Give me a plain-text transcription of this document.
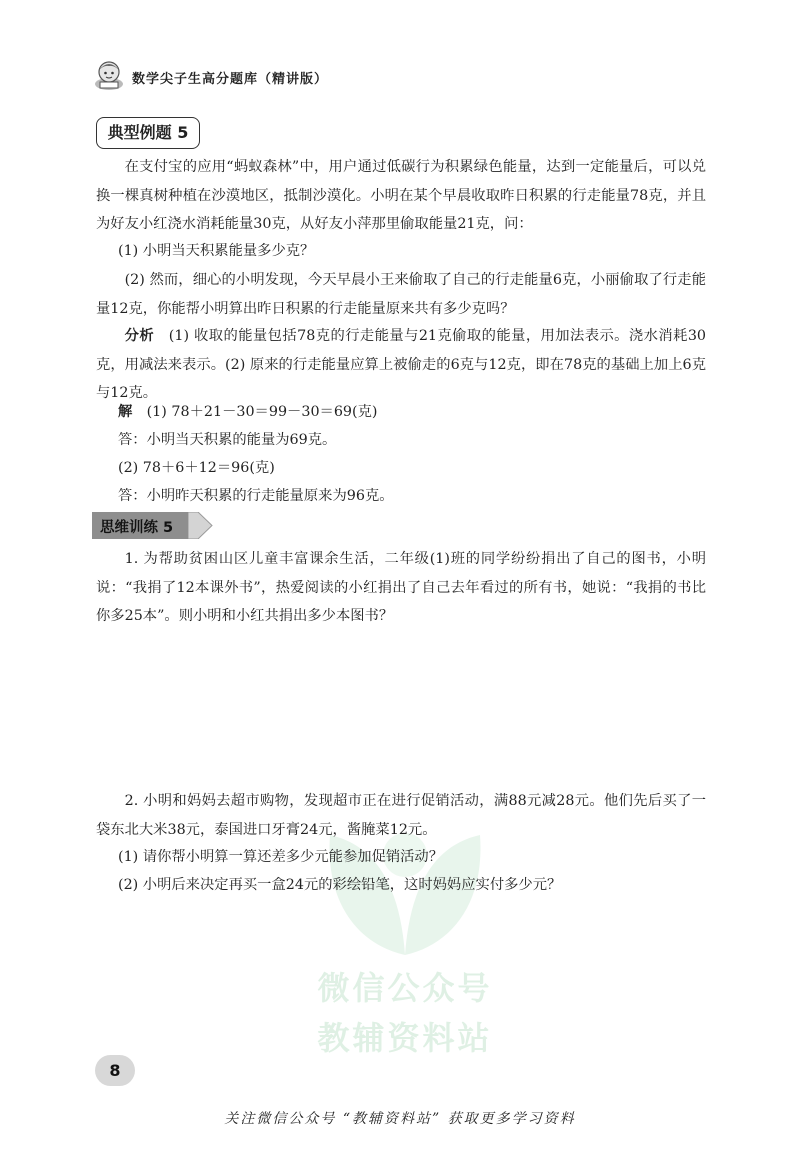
数学尖子生高分题库（精讲版）
典型例题 5
在支付宝的应用“蚂蚁森林”中，用户通过低碳行为积累绿色能量，达到一定能量后，可以兑换一棵真树种植在沙漠地区，抵制沙漠化。小明在某个早晨收取昨日积累的行走能量78克，并且为好友小红浇水消耗能量30克，从好友小萍那里偷取能量21克，问：
(1) 小明当天积累能量多少克？
(2) 然而，细心的小明发现，今天早晨小王来偷取了自己的行走能量6克，小丽偷取了行走能量12克，你能帮小明算出昨日积累的行走能量原来共有多少克吗？
分析　 (1) 收取的能量包括78克的行走能量与21克偷取的能量，用加法表示。浇水消耗30克，用减法来表示。(2) 原来的行走能量应算上被偷走的6克与12克，即在78克的基础上加上6克与12克。
解　 (1) 78＋21－30＝99－30＝69(克)
答：小明当天积累的能量为69克。
(2) 78＋6＋12＝96(克)
答：小明昨天积累的行走能量原来为96克。
思维训练 5
1. 为帮助贫困山区儿童丰富课余生活，二年级(1)班的同学纷纷捐出了自己的图书，小明说：“我捐了12本课外书”，热爱阅读的小红捐出了自己去年看过的所有书，她说：“我捐的书比你多25本”。则小明和小红共捐出多少本图书？
微信公众号
教辅资料站
2. 小明和妈妈去超市购物，发现超市正在进行促销活动，满88元减28元。他们先后买了一袋东北大米38元，泰国进口牙膏24元，酱腌菜12元。
(1) 请你帮小明算一算还差多少元能参加促销活动？
(2) 小明后来决定再买一盒24元的彩绘铅笔，这时妈妈应实付多少元？
8
关注微信公众号 “教辅资料站” 获取更多学习资料
